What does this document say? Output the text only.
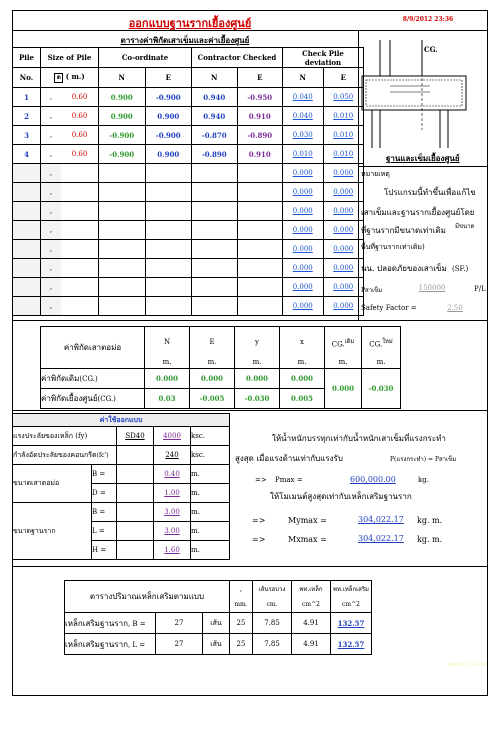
ออกแบบฐานรากเยื้องศูนย์	8/9/2012 23:36
ตารางค่าพิกัดเสาเข็มและค่าเยื้องศูนย์
Pile	Size of Pile		Co-ordinate		Contractor Checked		Check Pile deviation	
No.	ต ( m.)		N	E	N	E	N	E
1	,	0.60	0.900	-0.900	0.940	-0.950	0.040	0.050
2	,	0.60	0.900	0.900	0.940	0.910	0.040	0.010
3	,	0.60	-0.900	-0.900	-0.870	-0.890	0.030	0.010
4	,	0.60	-0.900	0.900	-0.890	0.910	0.010	0.010
	,						0.000	0.000
	,						0.000	0.000
	,						0.000	0.000
	,						0.000	0.000
	,						0.000	0.000
	,						0.000	0.000
	,						0.000	0.000
	,						0.000	0.000
CG.
ฐานและเข็มเยื้องศูนย์
หมายเหตุ
โปรแกรมนี้ทำขึ้นเพื่อแก้ไข
เสาเข็มและฐานรากเยื้องศูนย์โดย
ที่ฐานรากมีขนาดเท่าเดิม มีขนาด
พื้นที่ฐานรากเท่าเดิม)
นน. ปลอดภัยของเสาเข็ม (SF.)
Pสาเข็ม	150000	P/L
Safety Factor =	2.50
ค่าพิกัดเสาตอม่อ	N	E	y	x	CG.$^{เดิม}$	CG.$^{ใหม่}$
	m.	m.	m.	m.	m.	m.
ค่าพิกัดเดิม(CG.)	0.000	0.000	0.000	0.000	0.000	-0.030
ค่าพิกัดเยื้องศูนย์(CG.)	0.03	-0.005	-0.030	0.005		
ค่าใช้ออกแบบ				
แรงประลัยของเหล็ก (fy)		SD40	4000	ksc.
กำลังอัดประลัยของคอนกรีต(fc')			240	ksc.
ขนาดเสาตอม่อ	B =		0.40	m.
	D =		1.00	m.
ขนาดฐานราก	B =		3.00	m.
	L =		3.00	m.
	H =		1.60	m.
ให้น้ำหนักบรรทุกเท่ากับน้ำหนักเสาเข็มที่แรงกระทำ
สูงสุด เมื่อแรงด้านเท่ากับแรงรับ	P(แรงกระทำ) = Pสาเข็ม
=> Pmax =	600,000.00	kg.
ให้โมเมนต์สูงสุดเท่ากับเหล็กเสริมฐานราก
=>	Mymax =	304,022.17 kg. m.
=>	Mxmax =	304,022.17 kg. m.
ตารางปริมาณเหล็กเสริมตามแบบ			,	เส้นรอบวง	พท.เหล็ก	พท.เหล็กเสริม
			mm.	cm.	cm^2	cm^2
เหล็กเสริมฐานราก, B =	27	เส้น	25	7.85	4.91	132.57
เหล็กเสริมฐานราก, L =	27	เส้น	25	7.85	4.91	132.57
8/9/2012 23:36
